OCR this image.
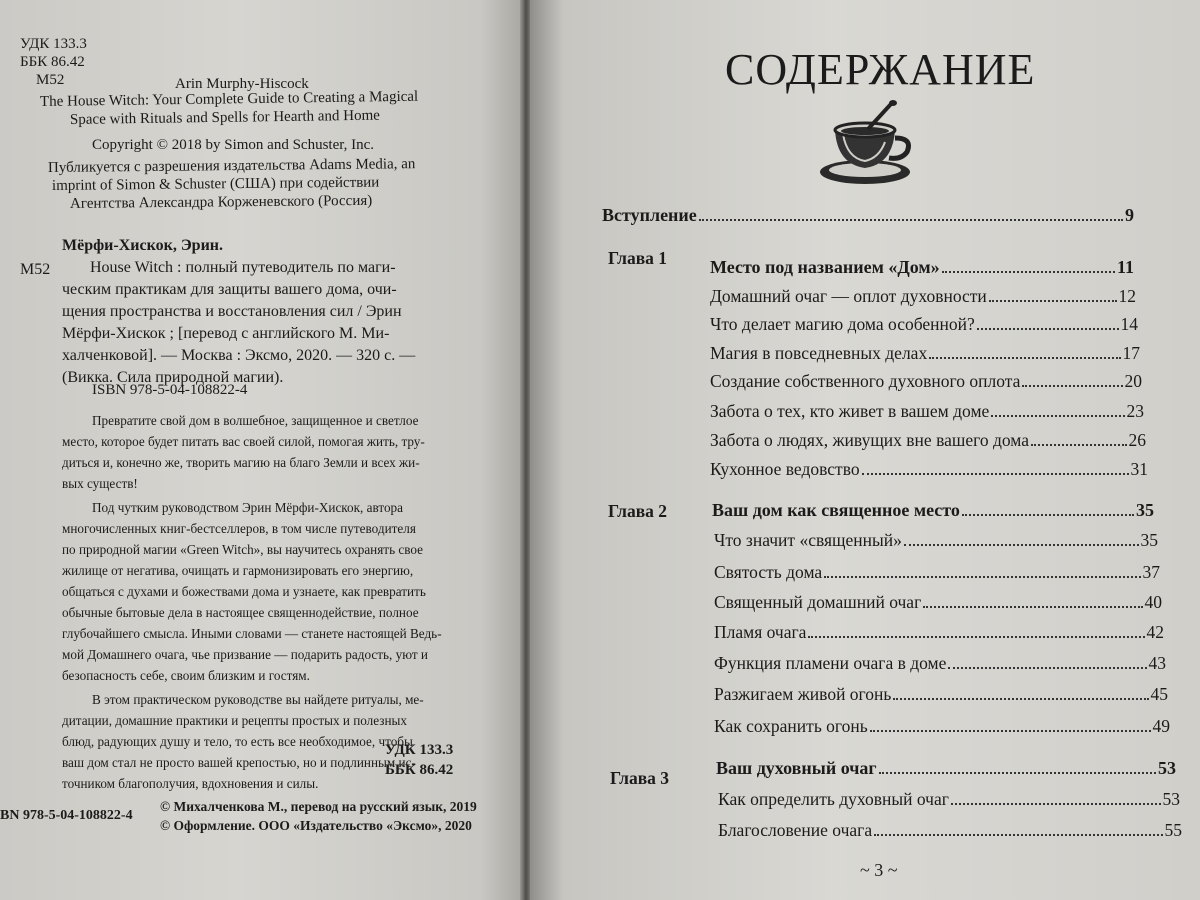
УДК 133.3
ББК 86.42
М52	Arin Murphy-Hiscock
The House Witch: Your Complete Guide to Creating a Magical
Space with Rituals and Spells for Hearth and Home
Copyright © 2018 by Simon and Schuster, Inc.
Публикуется с разрешения издательства Adams Media, an
imprint of Simon & Schuster (США) при содействии
Агентства Александра Корженевского (Россия)
Мёрфи-Хискок, Эрин.
М52 House Witch : полный путеводитель по маги-
ческим практикам для защиты вашего дома, очи-
щения пространства и восстановления сил / Эрин
Мёрфи-Хискок ; [перевод с английского М. Ми-
халченковой]. — Москва : Эксмо, 2020. — 320 с. —
(Викка. Сила природной магии).
ISBN 978-5-04-108822-4
Превратите свой дом в волшебное, защищенное и светлое
место, которое будет питать вас своей силой, помогая жить, тру-
диться и, конечно же, творить магию на благо Земли и всех жи-
вых существ!
Под чутким руководством Эрин Мёрфи-Хискок, автора
многочисленных книг-бестселлеров, в том числе путеводителя
по природной магии «Green Witch», вы научитесь охранять свое
жилище от негатива, очищать и гармонизировать его энергию,
общаться с духами и божествами дома и узнаете, как превратить
обычные бытовые дела в настоящее священнодействие, полное
глубочайшего смысла. Иными словами — станете настоящей Ведь-
мой Домашнего очага, чье призвание — подарить радость, уют и
безопасность себе, своим близким и гостям.
В этом практическом руководстве вы найдете ритуалы, ме-
дитации, домашние практики и рецепты простых и полезных
блюд, радующих душу и тело, то есть все необходимое, чтобы
ваш дом стал не просто вашей крепостью, но и подлинным ис-
точником благополучия, вдохновения и силы.
УДК 133.3
ББК 86.42
BN 978-5-04-108822-4
© Михалченкова М., перевод на русский язык, 2019
© Оформление. ООО «Издательство «Эксмо», 2020
СОДЕРЖАНИЕ
Вступление	9
Глава 1 Место под названием «Дом»	11
Домашний очаг — оплот духовности	12
Что делает магию дома особенной?	14
Магия в повседневных делах	17
Создание собственного духовного оплота	20
Забота о тех, кто живет в вашем доме	23
Забота о людях, живущих вне вашего дома	26
Кухонное ведовство	31
Глава 2 Ваш дом как священное место	35
Что значит «священный»	35
Святость дома	37
Священный домашний очаг	40
Пламя очага	42
Функция пламени очага в доме	43
Разжигаем живой огонь	45
Как сохранить огонь	49
Глава 3	Ваш духовный очаг	53
Как определить духовный очаг	53
Благословение очага	55
~ 3 ~
